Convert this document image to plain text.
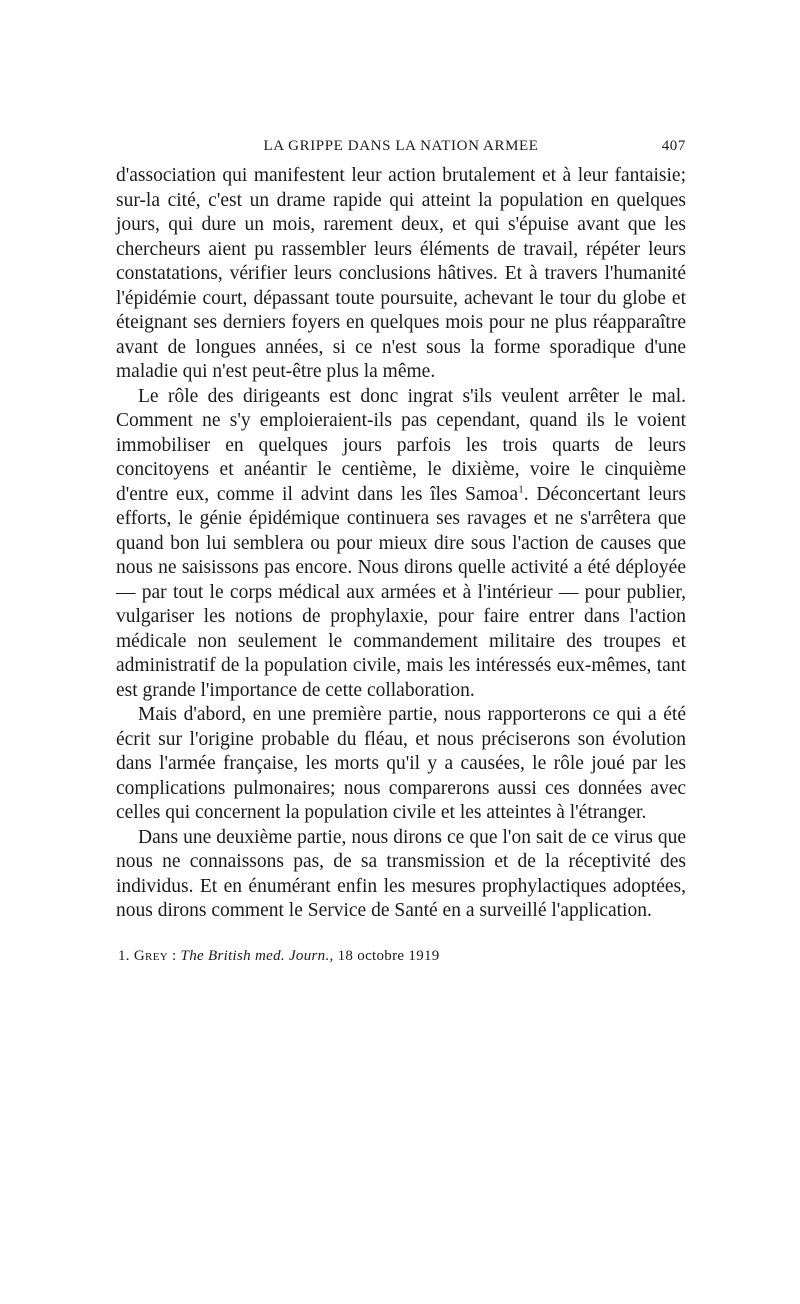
LA GRIPPE DANS LA NATION ARMEE	407

d'association qui manifestent leur action brutalement et à leur fantaisie; sur-la cité, c'est un drame rapide qui atteint la population en quelques jours, qui dure un mois, rarement deux, et qui s'épuise avant que les chercheurs aient pu rassembler leurs éléments de travail, répéter leurs constatations, vérifier leurs conclusions hâtives. Et à travers l'humanité l'épidémie court, dépassant toute poursuite, achevant le tour du globe et éteignant ses derniers foyers en quelques mois pour ne plus réapparaître avant de longues années, si ce n'est sous la forme sporadique d'une maladie qui n'est peut-être plus la même.

Le rôle des dirigeants est donc ingrat s'ils veulent arrêter le mal. Comment ne s'y emploieraient-ils pas cependant, quand ils le voient immobiliser en quelques jours parfois les trois quarts de leurs concitoyens et anéantir le centième, le dixième, voire le cinquième d'entre eux, comme il advint dans les îles Samoa$^1$. Déconcertant leurs efforts, le génie épidémique continuera ses ravages et ne s'arrêtera que quand bon lui semblera ou pour mieux dire sous l'action de causes que nous ne saisissons pas encore. Nous dirons quelle activité a été déployée — par tout le corps médical aux armées et à l'intérieur — pour publier, vulgariser les notions de prophylaxie, pour faire entrer dans l'action médicale non seulement le commandement militaire des troupes et administratif de la population civile, mais les intéressés eux-mêmes, tant est grande l'importance de cette collaboration.

Mais d'abord, en une première partie, nous rapporterons ce qui a été écrit sur l'origine probable du fléau, et nous préciserons son évolution dans l'armée française, les morts qu'il y a causées, le rôle joué par les complications pulmonaires; nous comparerons aussi ces données avec celles qui concernent la population civile et les atteintes à l'étranger.

Dans une deuxième partie, nous dirons ce que l'on sait de ce virus que nous ne connaissons pas, de sa transmission et de la réceptivité des individus. Et en énumérant enfin les mesures prophylactiques adoptées, nous dirons comment le Service de Santé en a surveillé l'application.

1. Grey : The British med. Journ., 18 octobre 1919
